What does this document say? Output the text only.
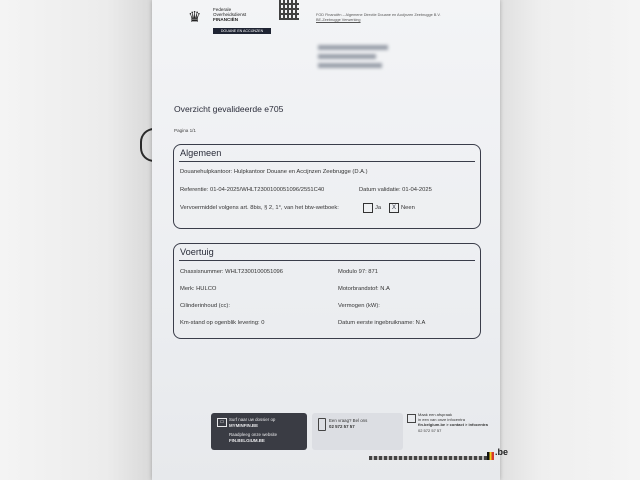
♛	Federale
Overheidsdienst
FINANCIËN
DOUANE EN ACCIJNZEN
FOD Financiën – Algemene Directie Douane en Accijnzen Zeebrugge B.V.
BE-Zeebrugge Verwerking
Overzicht gevalideerde e705
Pagina 1/1
Algemeen
Douanehulpkantoor: Hulpkantoor Douane en Accijnzen Zeebrugge (D.A.)
Referentie: 01-04-2025/WHLT2300100051096/2551C40	Datum validatie: 01-04-2025
Vervoermiddel volgens art. 8bis, § 2, 1°, van het btw-wetboek:	Ja	X Neen
Voertuig
Chassisnummer: WHLT2300100051096	Modulo 97: 871
Merk: HULCO	Motorbrandstof: N.A
Cilinderinhoud (cc):	Vermogen (kW):
Km-stand op ogenblik levering: 0	Datum eerste ingebruikname: N.A
▭	Surf naar uw dossier op
MYMINFIN.BE
Raadpleeg onze website
FIN.BELGIUM.BE
Een vraag? Bel ons
02 572 57 57
Maak een afspraak
in een van onze infocentra
fin.belgium.be > contact > infocentra
02 572 57 57
.be
